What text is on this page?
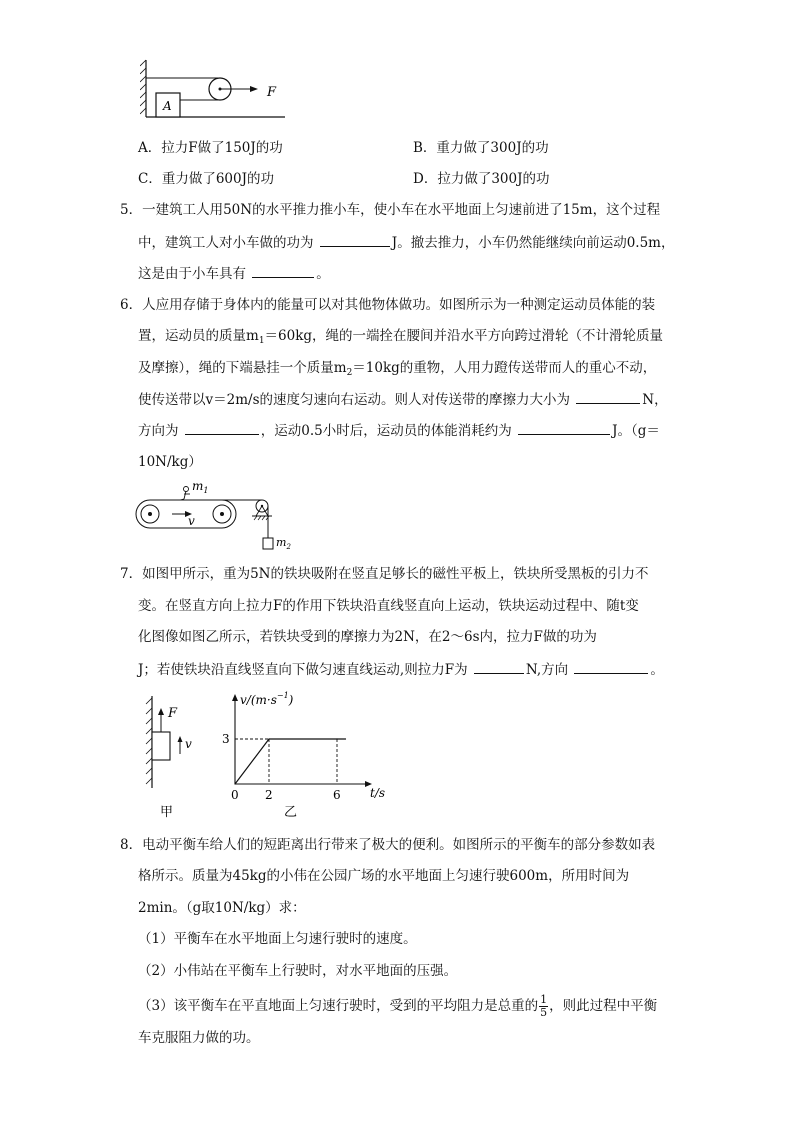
A
F
A．拉力F做了150J的功	B．重力做了300J的功
C．重力做了600J的功	D．拉力做了300J的功
5．一建筑工人用50N的水平推力推小车，使小车在水平地面上匀速前进了15m，这个过程
中，建筑工人对小车做的功为	J。撤去推力，小车仍然能继续向前运动0.5m，
这是由于小车具有	。
6．人应用存储于身体内的能量可以对其他物体做功。如图所示为一种测定运动员体能的装
置，运动员的质量$m_1=60kg$，绳的一端拴在腰间并沿水平方向跨过滑轮（不计滑轮质量
及摩擦），绳的下端悬挂一个质量$m_2=10kg$的重物，人用力蹬传送带而人的重心不动，
使传送带以v＝2m/s的速度匀速向右运动。则人对传送带的摩擦力大小为	N，
方向为	，运动0.5小时后，运动员的体能消耗约为	J。（g＝
10N/kg）
v
$m_1$
$m_2$
7．如图甲所示，重为5N的铁块吸附在竖直足够长的磁性平板上，铁块所受黑板的引力不
变。在竖直方向上拉力F的作用下铁块沿直线竖直向上运动，铁块运动过程中、随t变
化图像如图乙所示，若铁块受到的摩擦力为2N，在2～6s内，拉力F做的功为
J；若使铁块沿直线竖直向下做匀速直线运动,则拉力F为	N,方向	。
F
v
甲
$v/(m\cdot s^{-1})$
t/s
0 2	6
3
乙
8．电动平衡车给人们的短距离出行带来了极大的便利。如图所示的平衡车的部分参数如表
格所示。质量为45kg的小伟在公园广场的水平地面上匀速行驶600m，所用时间为
2min。（g取10N/kg）求：
（1）平衡车在水平地面上匀速行驶时的速度。
（2）小伟站在平衡车上行驶时，对水平地面的压强。
（3）该平衡车在平直地面上匀速行驶时，受到的平均阻力是总重的 $\frac{1}{5}$ ，则此过程中平衡
车克服阻力做的功。
